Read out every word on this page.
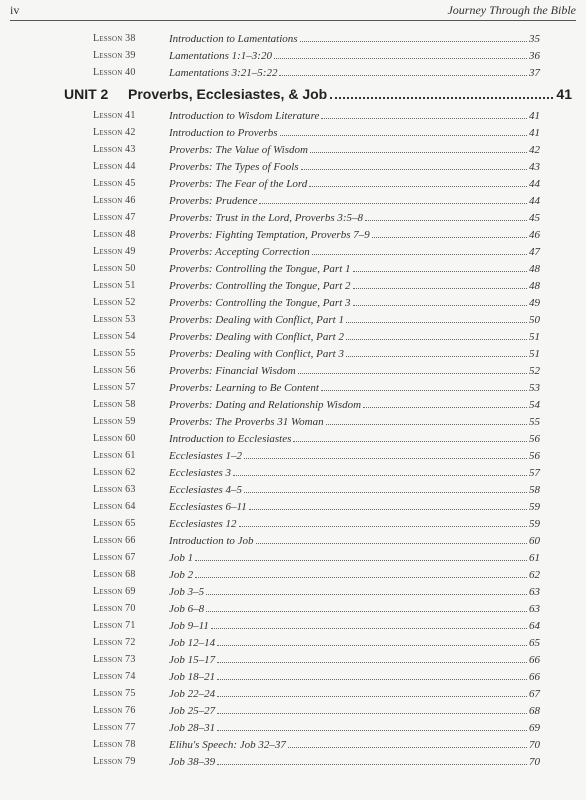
iv	Journey Through the Bible
Lesson 38	Introduction to Lamentations	35
Lesson 39	Lamentations 1:1–3:20	36
Lesson 40	Lamentations 3:21–5:22	37
UNIT 2 Proverbs, Ecclesiastes, & Job	41
Lesson 41	Introduction to Wisdom Literature	41
Lesson 42	Introduction to Proverbs	41
Lesson 43	Proverbs: The Value of Wisdom	42
Lesson 44	Proverbs: The Types of Fools	43
Lesson 45	Proverbs: The Fear of the Lord	44
Lesson 46	Proverbs: Prudence	44
Lesson 47	Proverbs: Trust in the Lord, Proverbs 3:5–8	45
Lesson 48	Proverbs: Fighting Temptation, Proverbs 7–9	46
Lesson 49	Proverbs: Accepting Correction	47
Lesson 50	Proverbs: Controlling the Tongue, Part 1	48
Lesson 51	Proverbs: Controlling the Tongue, Part 2	48
Lesson 52	Proverbs: Controlling the Tongue, Part 3	49
Lesson 53	Proverbs: Dealing with Conflict, Part 1	50
Lesson 54	Proverbs: Dealing with Conflict, Part 2	51
Lesson 55	Proverbs: Dealing with Conflict, Part 3	51
Lesson 56	Proverbs: Financial Wisdom	52
Lesson 57	Proverbs: Learning to Be Content	53
Lesson 58	Proverbs: Dating and Relationship Wisdom	54
Lesson 59	Proverbs: The Proverbs 31 Woman	55
Lesson 60	Introduction to Ecclesiastes	56
Lesson 61	Ecclesiastes 1–2	56
Lesson 62	Ecclesiastes 3	57
Lesson 63	Ecclesiastes 4–5	58
Lesson 64	Ecclesiastes 6–11	59
Lesson 65	Ecclesiastes 12	59
Lesson 66	Introduction to Job	60
Lesson 67	Job 1	61
Lesson 68	Job 2	62
Lesson 69	Job 3–5	63
Lesson 70	Job 6–8	63
Lesson 71	Job 9–11	64
Lesson 72	Job 12–14	65
Lesson 73	Job 15–17	66
Lesson 74	Job 18–21	66
Lesson 75	Job 22–24	67
Lesson 76	Job 25–27	68
Lesson 77	Job 28–31	69
Lesson 78	Elihu's Speech: Job 32–37	70
Lesson 79	Job 38–39	70
